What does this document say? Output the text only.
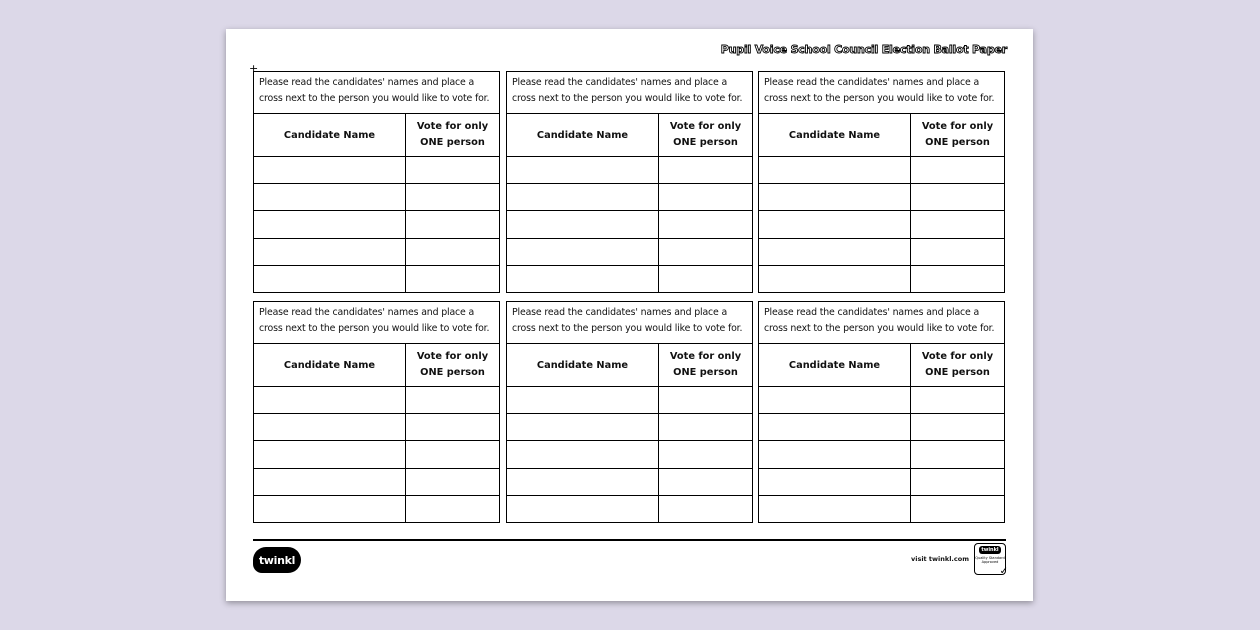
Pupil Voice School Council Election Ballot Paper
+
Please read the candidates' names and place a
cross next to the person you would like to vote for.
Candidate Name
Vote for only
ONE person
Please read the candidates' names and place a
cross next to the person you would like to vote for.
Candidate Name
Vote for only
ONE person
Please read the candidates' names and place a
cross next to the person you would like to vote for.
Candidate Name
Vote for only
ONE person
Please read the candidates' names and place a
cross next to the person you would like to vote for.
Candidate Name
Vote for only
ONE person
Please read the candidates' names and place a
cross next to the person you would like to vote for.
Candidate Name
Vote for only
ONE person
Please read the candidates' names and place a
cross next to the person you would like to vote for.
Candidate Name
Vote for only
ONE person
twinkl	visit twinkl.com
twinkl
Quality Standard Approved
✓
